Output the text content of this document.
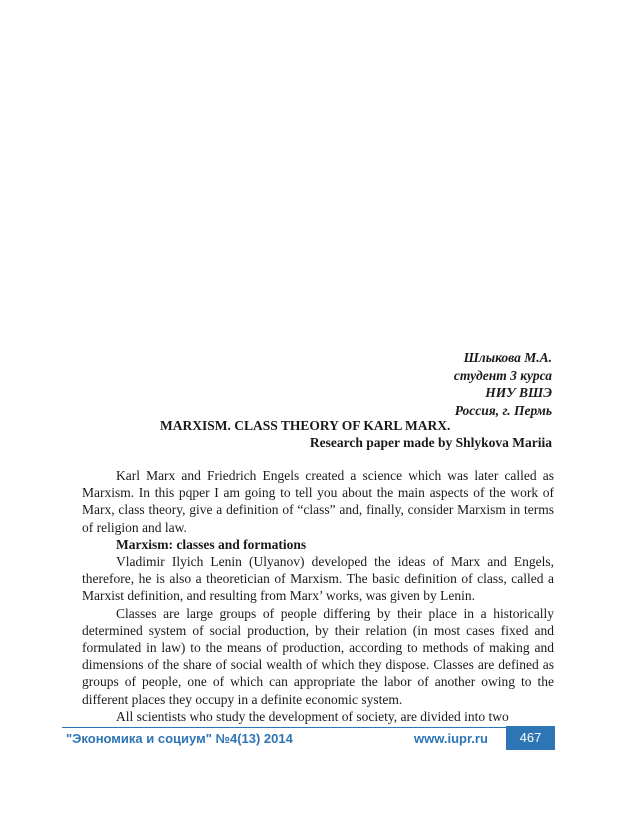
Шлыкова М.А.
студент 3 курса
НИУ ВШЭ
Россия, г. Пермь
MARXISM. CLASS THEORY OF KARL MARX.
Research paper made by Shlykova Mariia

Karl Marx and Friedrich Engels created a science which was later called as Marxism. In this pqper I am going to tell you about the main aspects of the work of Marx, class theory, give a definition of “class” and, finally, consider Marxism in terms of religion and law.

Marxism: classes and formations

Vladimir Ilyich Lenin (Ulyanov) developed the ideas of Marx and Engels, therefore, he is also a theoretician of Marxism. The basic definition of class, called a Marxist definition, and resulting from Marx’ works, was given by Lenin.

Classes are large groups of people differing by their place in a historically determined system of social production, by their relation (in most cases fixed and formulated in law) to the means of production, according to methods of making and dimensions of the share of social wealth of which they dispose. Classes are defined as groups of people, one of which can appropriate the labor of another owing to the different places they occupy in a definite economic system.

All scientists who study the development of society, are divided into two

"Экономика и социум" №4(13) 2014	www.iupr.ru	467
